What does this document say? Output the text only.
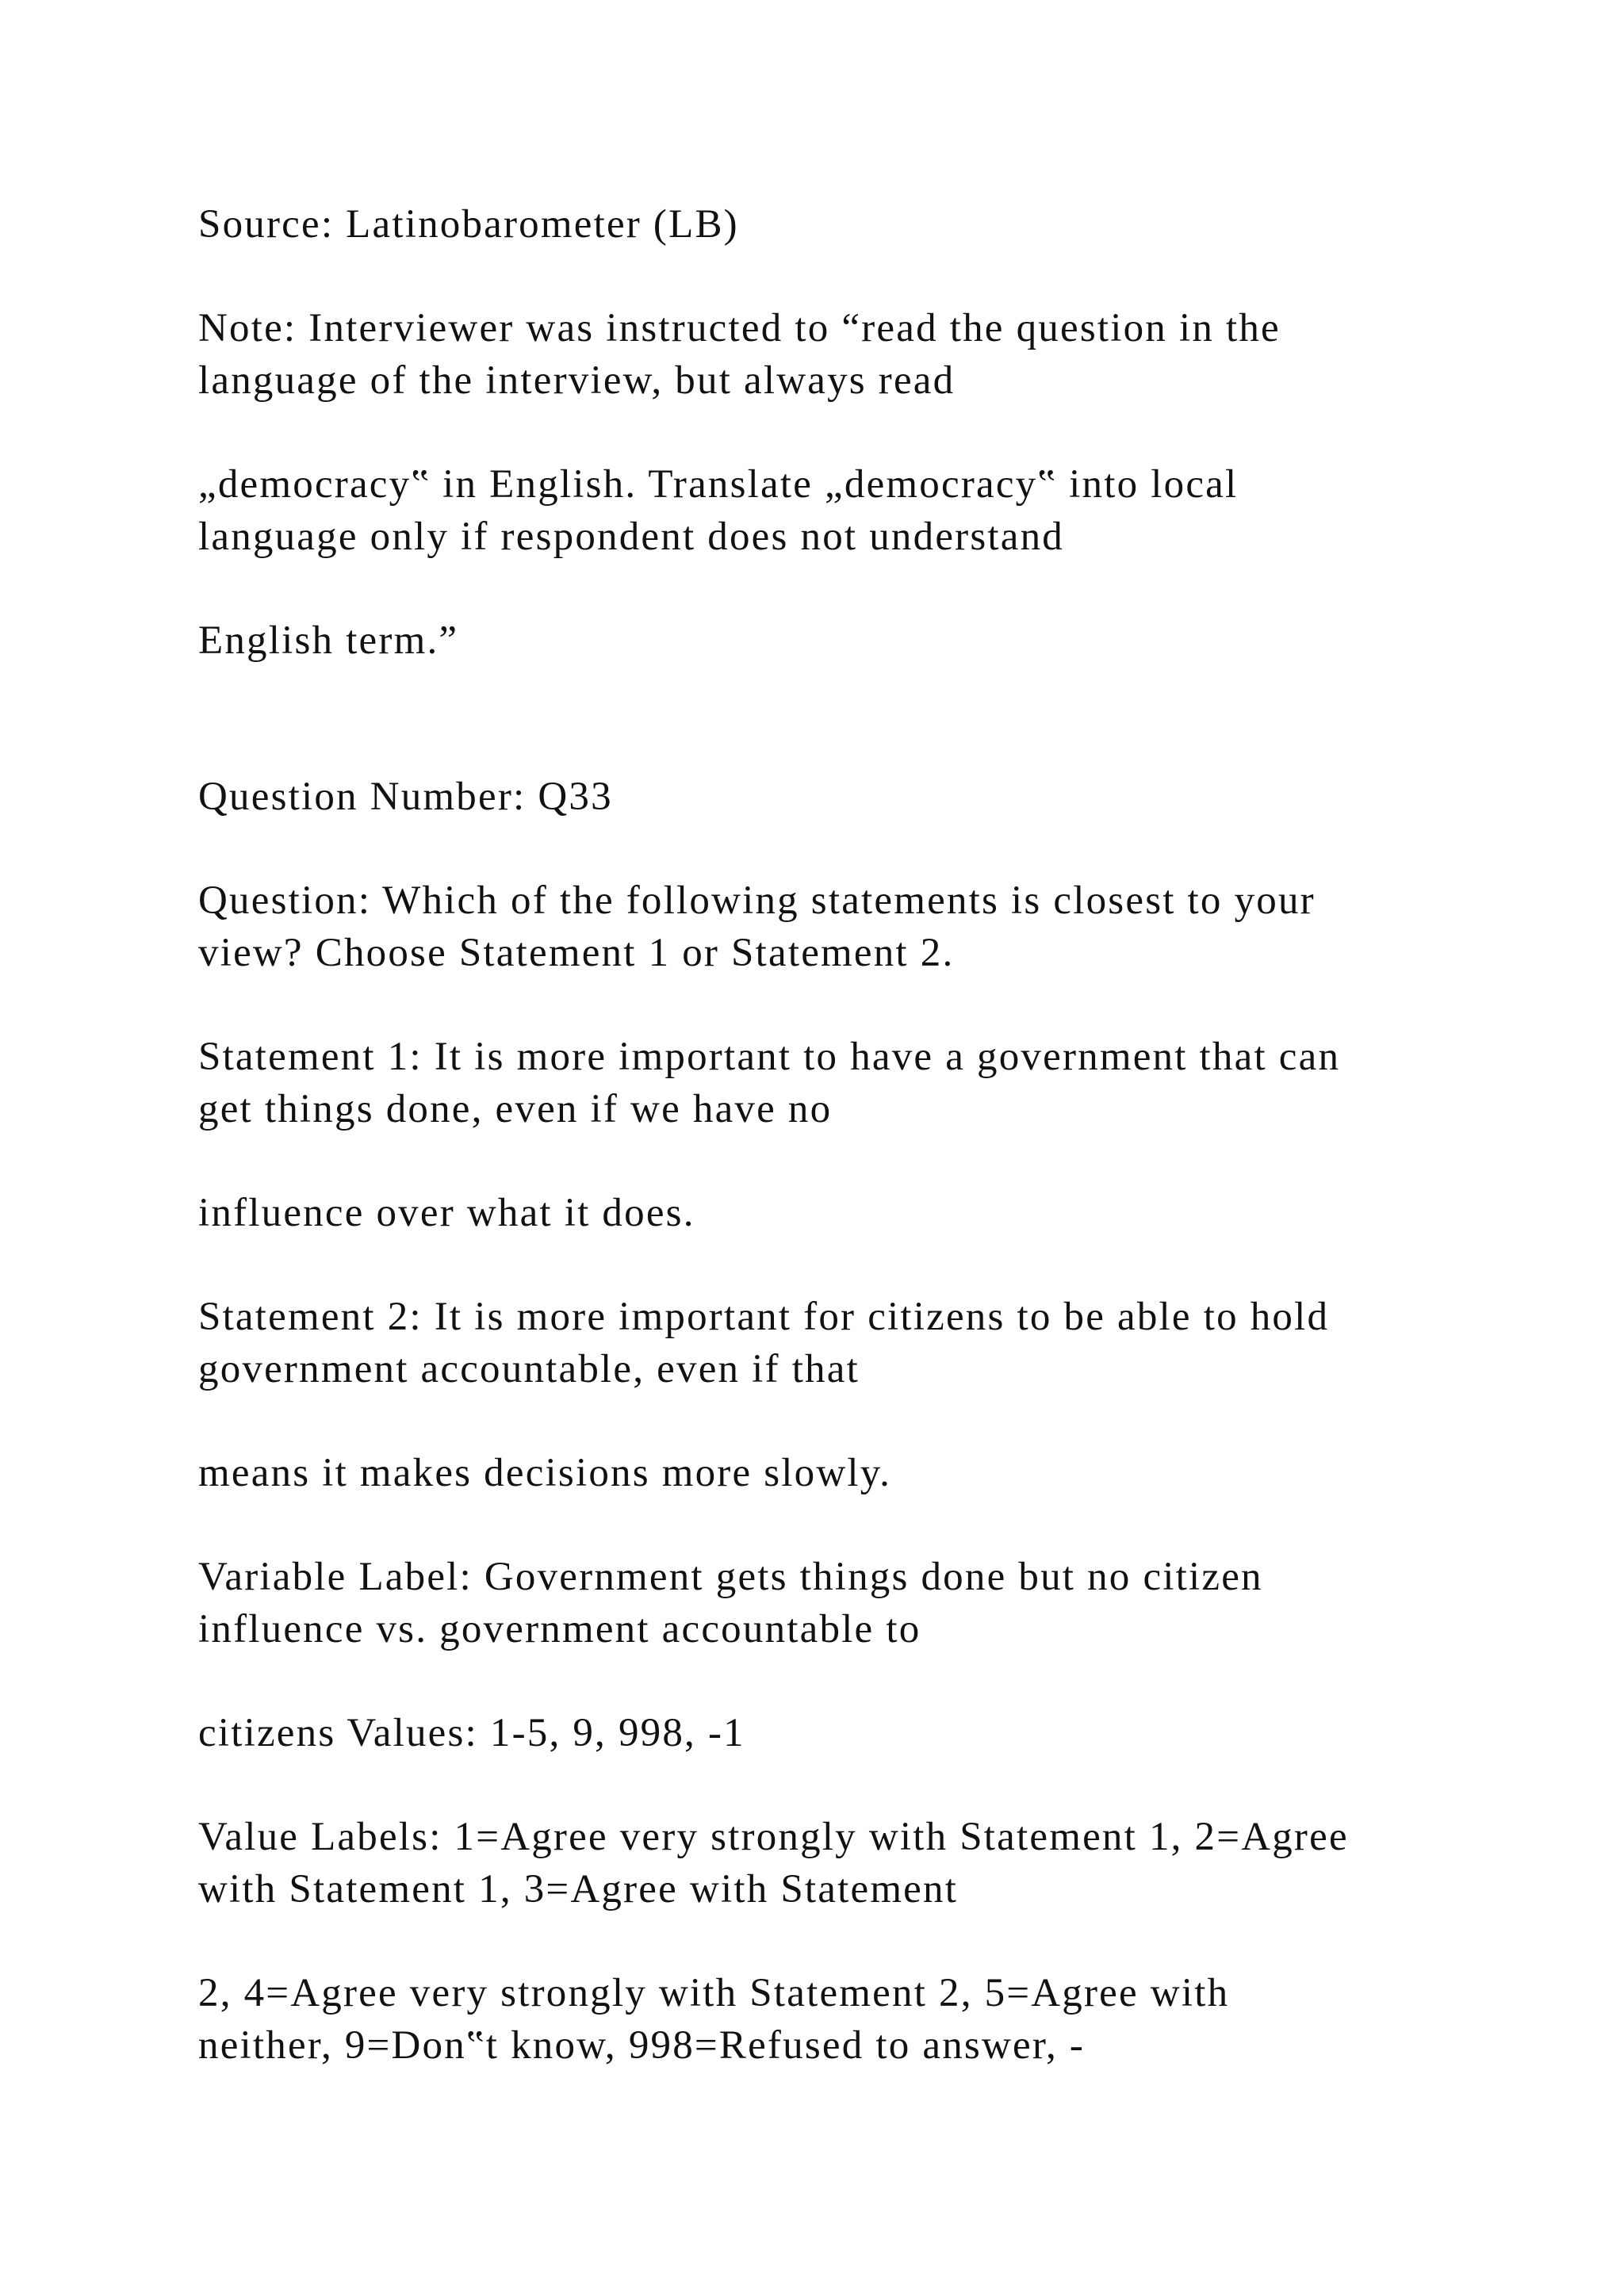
Source: Latinobarometer (LB)

Note: Interviewer was instructed to “read the question in the

language of the interview, but always read

„democracy‟ in English. Translate „democracy‟ into local

language only if respondent does not understand

English term.”

Question Number: Q33

Question: Which of the following statements is closest to your

view? Choose Statement 1 or Statement 2.

Statement 1: It is more important to have a government that can

get things done, even if we have no

influence over what it does.

Statement 2: It is more important for citizens to be able to hold

government accountable, even if that

means it makes decisions more slowly.

Variable Label: Government gets things done but no citizen

influence vs. government accountable to

citizens Values: 1-5, 9, 998, -1

Value Labels: 1=Agree very strongly with Statement 1, 2=Agree

with Statement 1, 3=Agree with Statement

2, 4=Agree very strongly with Statement 2, 5=Agree with

neither, 9=Don‟t know, 998=Refused to answer, -
